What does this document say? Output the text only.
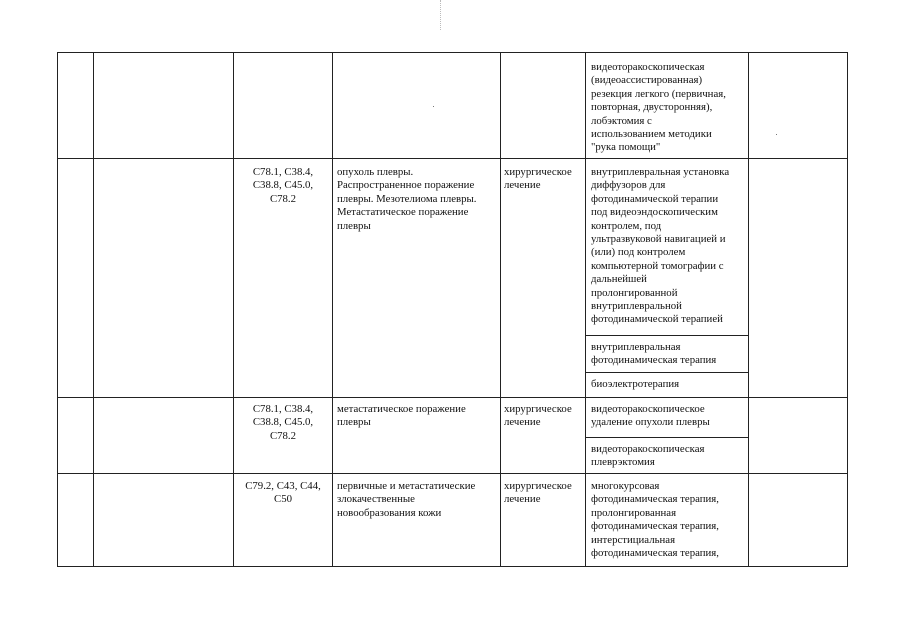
видеоторакоскопическая
(видеоассистированная)
резекция легкого (первичная,
повторная, двусторонняя),
лобэктомия с
использованием методики
"рука помощи"
C78.1, C38.4,
C38.8, C45.0,
C78.2
опухоль плевры.
Распространенное поражение
плевры. Мезотелиома плевры.
Метастатическое поражение
плевры
хирургическое
лечение
внутриплевральная установка
диффузоров для
фотодинамической терапии
под видеоэндоскопическим
контролем, под
ультразвуковой навигацией и
(или) под контролем
компьютерной томографии с
дальнейшей
пролонгированной
внутриплевральной
фотодинамической терапией
внутриплевральная
фотодинамическая терапия
биоэлектротерапия
C78.1, C38.4,
C38.8, C45.0,
C78.2
метастатическое поражение
плевры
хирургическое
лечение
видеоторакоскопическое
удаление опухоли плевры
видеоторакоскопическая
плеврэктомия
C79.2, C43, C44,
C50
первичные и метастатические
злокачественные
новообразования кожи
хирургическое
лечение
многокурсовая
фотодинамическая терапия,
пролонгированная
фотодинамическая терапия,
интерстициальная
фотодинамическая терапия,
